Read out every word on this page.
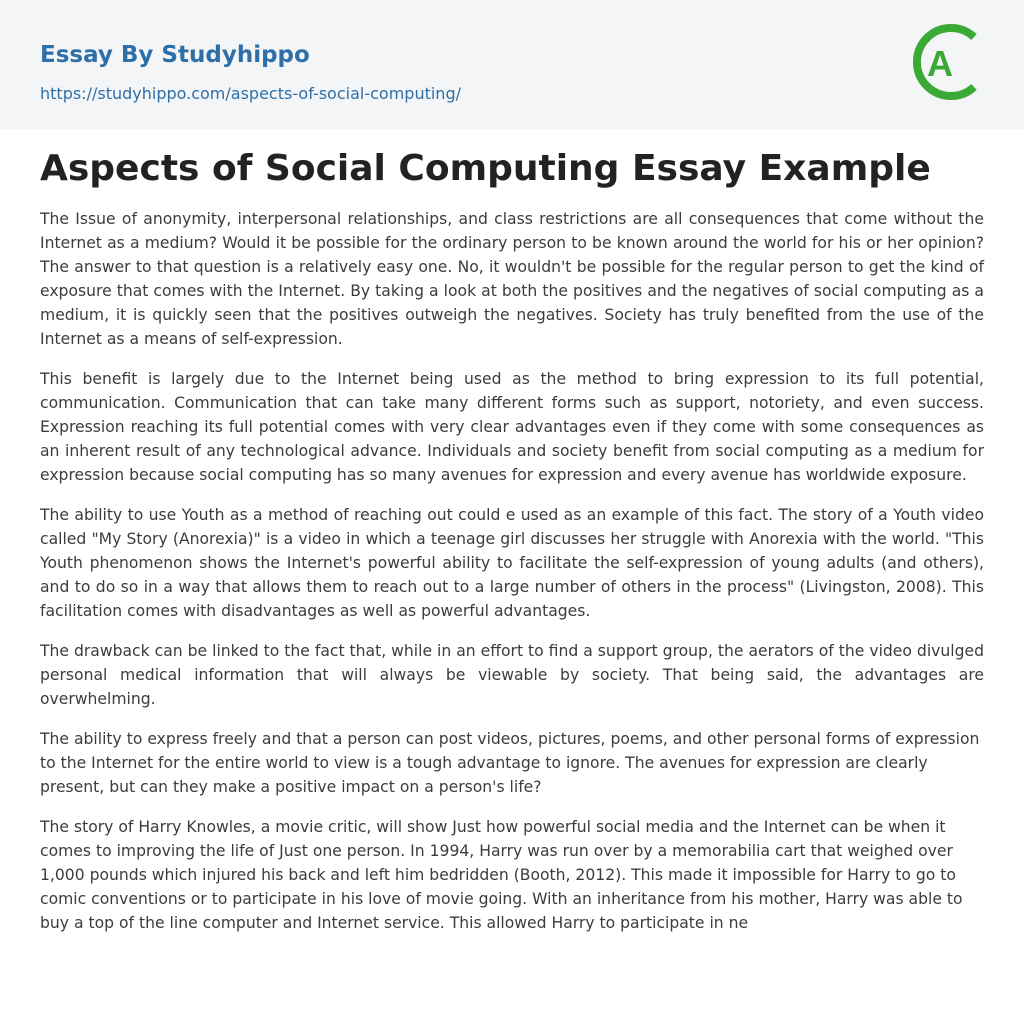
Essay By Studyhippo
https://studyhippo.com/aspects-of-social-computing/
A
Aspects of Social Computing Essay Example

The Issue of anonymity, interpersonal relationships, and class restrictions are all consequences that come without the Internet as a medium? Would it be possible for the ordinary person to be known around the world for his or her opinion? The answer to that question is a relatively easy one. No, it wouldn't be possible for the regular person to get the kind of exposure that comes with the Internet. By taking a look at both the positives and the negatives of social computing as a medium, it is quickly seen that the positives outweigh the negatives. Society has truly benefited from the use of the Internet as a means of self-expression.

This benefit is largely due to the Internet being used as the method to bring expression to its full potential, communication. Communication that can take many different forms such as support, notoriety, and even success. Expression reaching its full potential comes with very clear advantages even if they come with some consequences as an inherent result of any technological advance. Individuals and society benefit from social computing as a medium for expression because social computing has so many avenues for expression and every avenue has worldwide exposure.

The ability to use Youth as a method of reaching out could e used as an example of this fact. The story of a Youth video called "My Story (Anorexia)" is a video in which a teenage girl discusses her struggle with Anorexia with the world. "This Youth phenomenon shows the Internet's powerful ability to facilitate the self-expression of young adults (and others), and to do so in a way that allows them to reach out to a large number of others in the process" (Livingston, 2008). This facilitation comes with disadvantages as well as powerful advantages.

The drawback can be linked to the fact that, while in an effort to find a support group, the aerators of the video divulged personal medical information that will always be viewable by society. That being said, the advantages are overwhelming.

The ability to express freely and that a person can post videos, pictures, poems, and other personal forms of expression to the Internet for the entire world to view is a tough advantage to ignore. The avenues for expression are clearly present, but can they make a positive impact on a person's life?

The story of Harry Knowles, a movie critic, will show Just how powerful social media and the Internet can be when it comes to improving the life of Just one person. In 1994, Harry was run over by a memorabilia cart that weighed over 1,000 pounds which injured his back and left him bedridden (Booth, 2012). This made it impossible for Harry to go to comic conventions or to participate in his love of movie going. With an inheritance from his mother, Harry was able to buy a top of the line computer and Internet service. This allowed Harry to participate in ne
